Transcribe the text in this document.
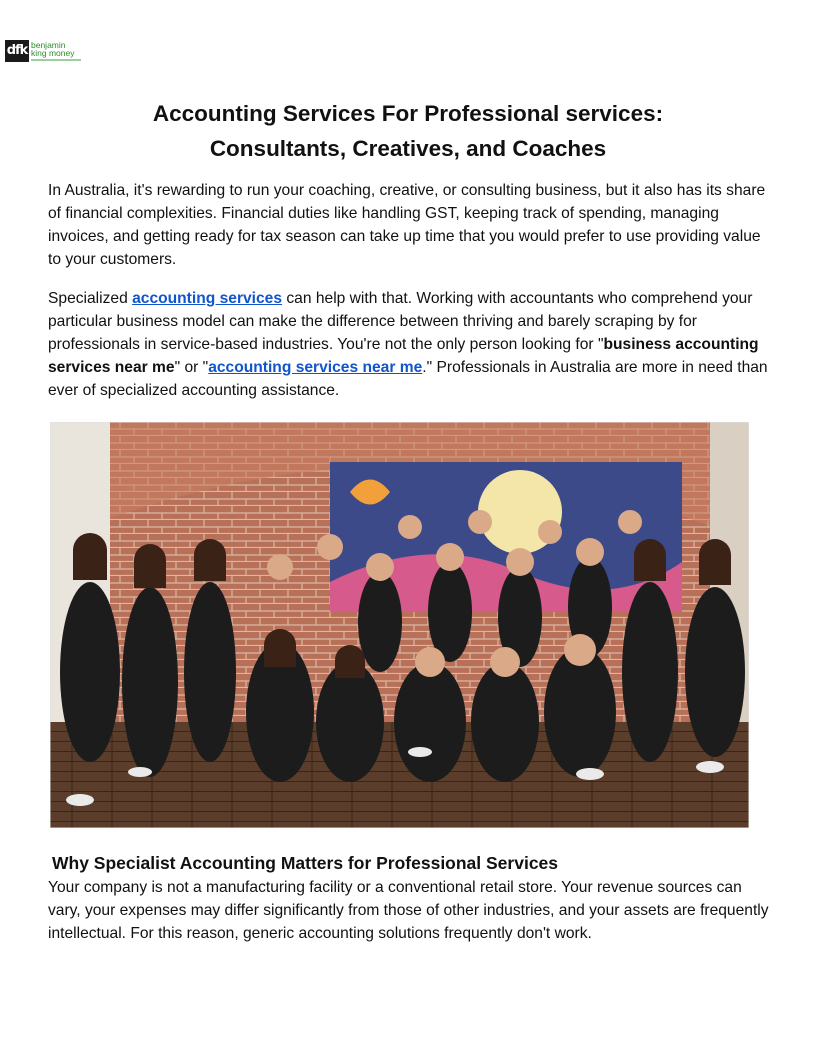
dfk benjamin
king money
Accounting Services For Professional services:
Consultants, Creatives, and Coaches

In Australia, it's rewarding to run your coaching, creative, or consulting business, but it also has its share of financial complexities. Financial duties like handling GST, keeping track of spending, managing invoices, and getting ready for tax season can take up time that you would prefer to use providing value to your customers.

Specialized accounting services can help with that. Working with accountants who comprehend your particular business model can make the difference between thriving and barely scraping by for professionals in service-based industries. You're not the only person looking for "business accounting services near me" or "accounting services near me." Professionals in Australia are more in need than ever of specialized accounting assistance.

Why Specialist Accounting Matters for Professional Services

Your company is not a manufacturing facility or a conventional retail store. Your revenue sources can vary, your expenses may differ significantly from those of other industries, and your assets are frequently intellectual. For this reason, generic accounting solutions frequently don't work.
